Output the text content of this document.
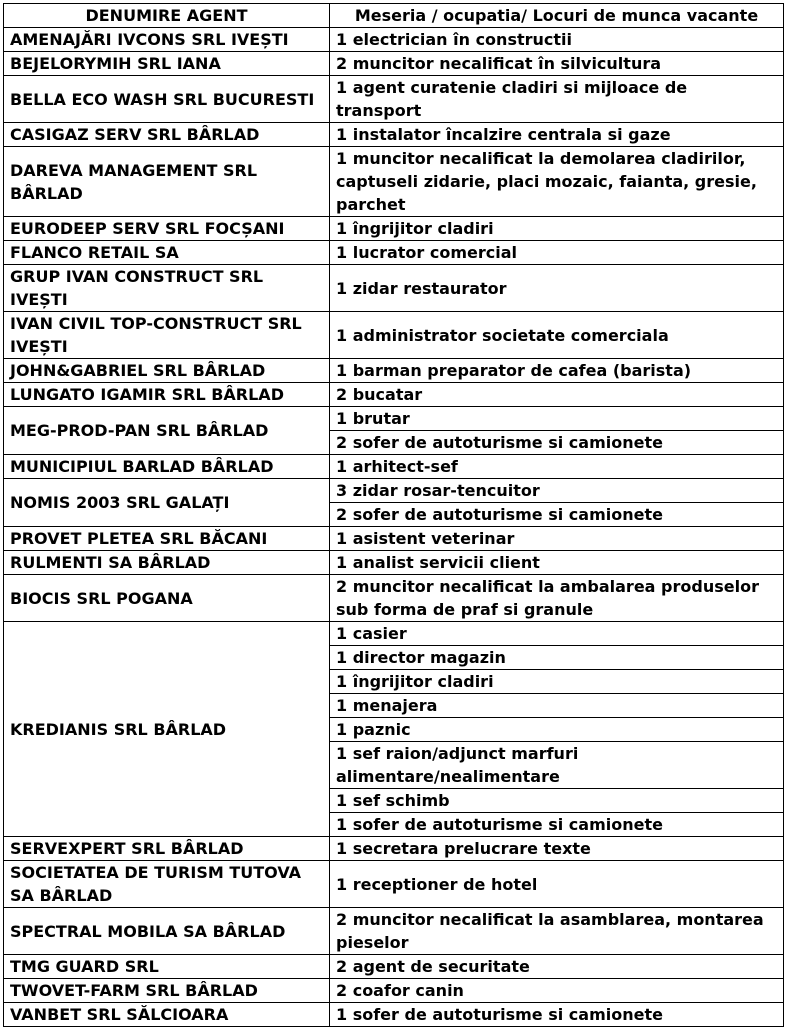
DENUMIRE AGENT	Meseria / ocupatia/ Locuri de munca vacante
AMENAJĂRI IVCONS SRL IVEȘTI	1 electrician în constructii
BEJELORYMIH SRL IANA	2 muncitor necalificat în silvicultura
BELLA ECO WASH SRL BUCURESTI	1 agent curatenie cladiri si mijloace de transport
CASIGAZ SERV SRL BÂRLAD	1 instalator încalzire centrala si gaze
DAREVA MANAGEMENT SRL BÂRLAD	1 muncitor necalificat la demolarea cladirilor, captuseli zidarie, placi mozaic, faianta, gresie, parchet
EURODEEP SERV SRL FOCȘANI	1 îngrijitor cladiri
FLANCO RETAIL SA	1 lucrator comercial
GRUP IVAN CONSTRUCT SRL IVEȘTI	1 zidar restaurator
IVAN CIVIL TOP-CONSTRUCT SRL IVEȘTI	1 administrator societate comerciala
JOHN&GABRIEL SRL BÂRLAD	1 barman preparator de cafea (barista)
LUNGATO IGAMIR SRL BÂRLAD	2 bucatar
MEG-PROD-PAN SRL BÂRLAD	1 brutar
	2 sofer de autoturisme si camionete
MUNICIPIUL BARLAD BÂRLAD	1 arhitect-sef
NOMIS 2003 SRL GALAȚI	3 zidar rosar-tencuitor
	2 sofer de autoturisme si camionete
PROVET PLETEA SRL BĂCANI	1 asistent veterinar
RULMENTI SA BÂRLAD	1 analist servicii client
BIOCIS SRL POGANA	2 muncitor necalificat la ambalarea produselor sub forma de praf si granule
KREDIANIS SRL BÂRLAD	1 casier
	1 director magazin
	1 îngrijitor cladiri
	1 menajera
	1 paznic
	1 sef raion/adjunct marfuri alimentare/nealimentare
	1 sef schimb
	1 sofer de autoturisme si camionete
SERVEXPERT SRL BÂRLAD	1 secretara prelucrare texte
SOCIETATEA DE TURISM TUTOVA SA BÂRLAD	1 receptioner de hotel
SPECTRAL MOBILA SA BÂRLAD	2 muncitor necalificat la asamblarea, montarea pieselor
TMG GUARD SRL	2 agent de securitate
TWOVET-FARM SRL BÂRLAD	2 coafor canin
VANBET SRL SĂLCIOARA	1 sofer de autoturisme si camionete
